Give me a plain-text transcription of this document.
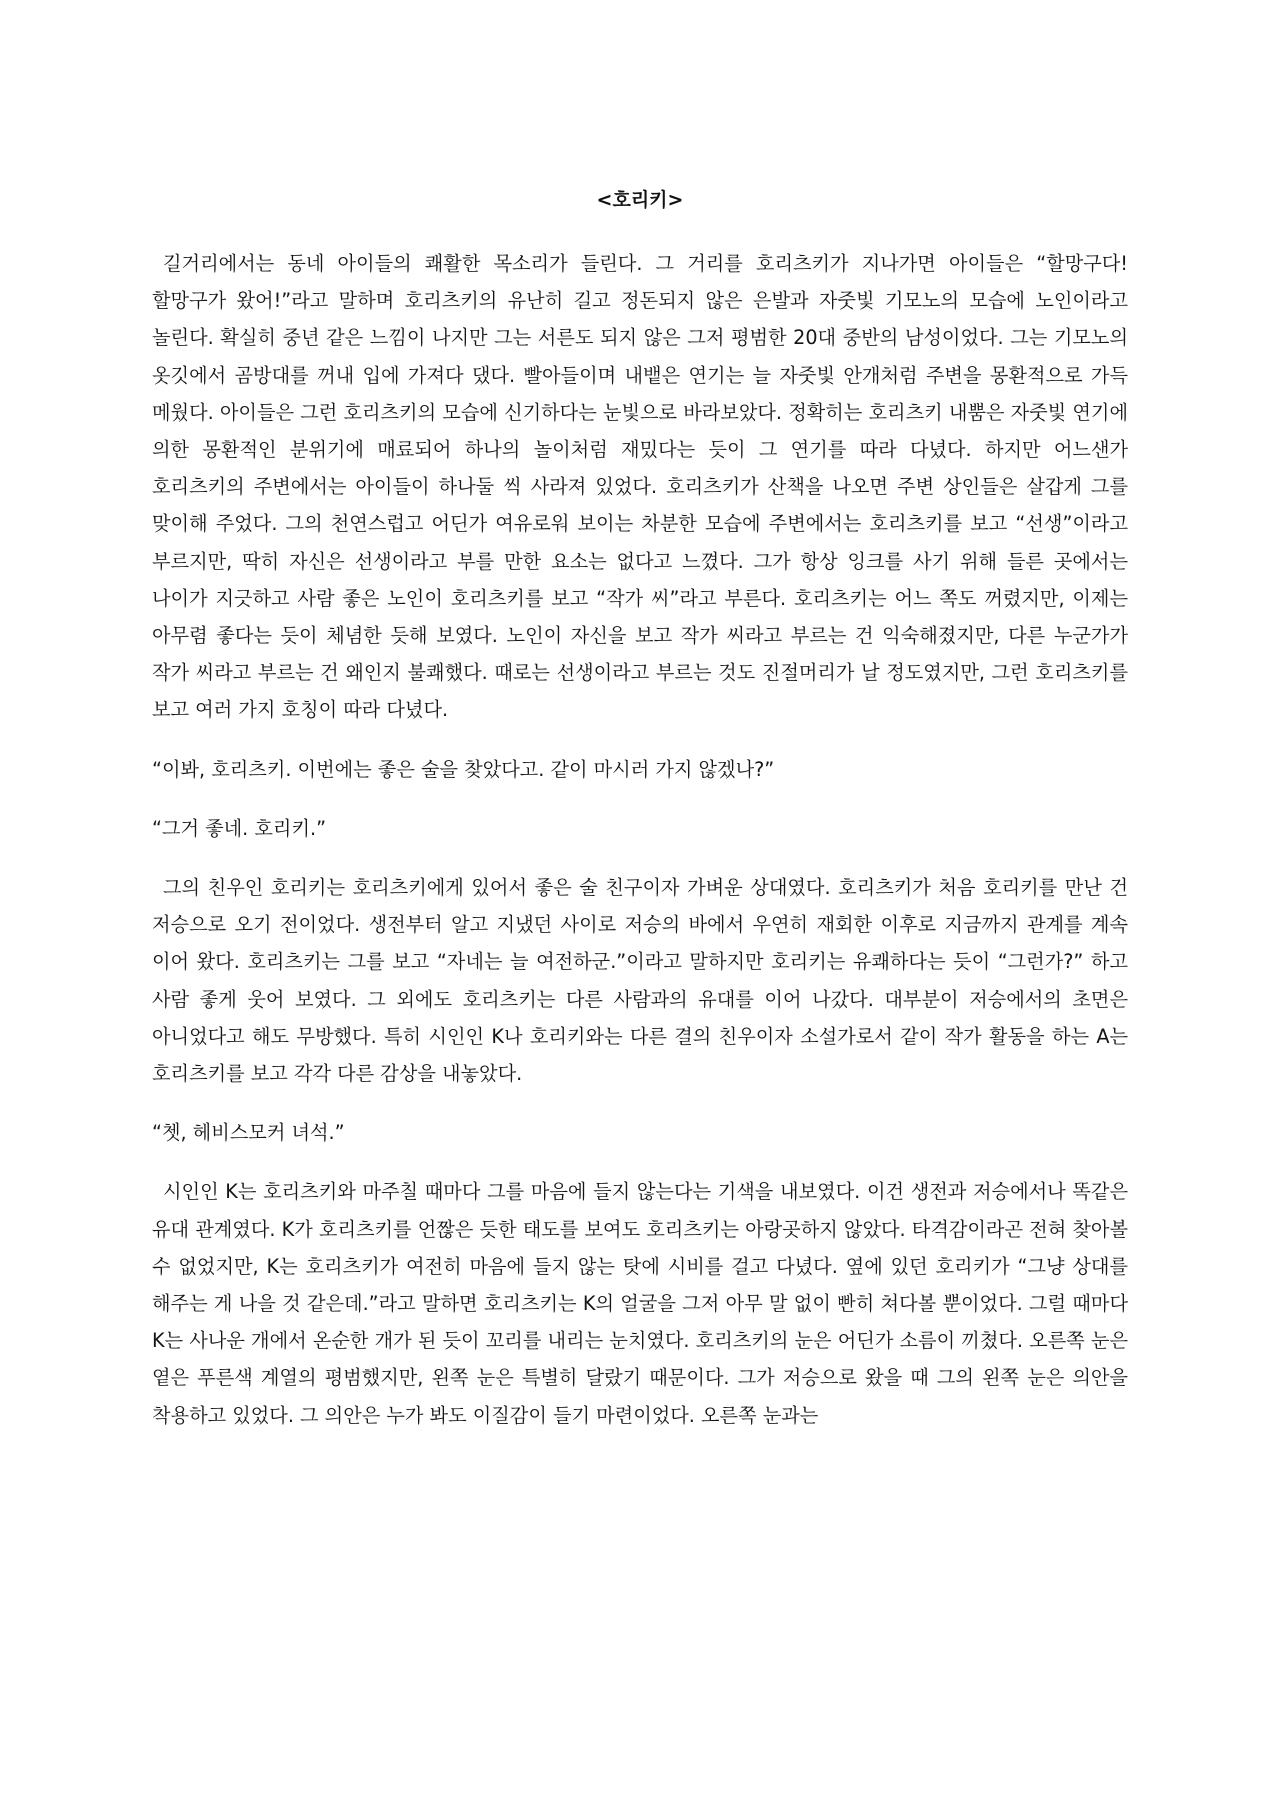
<호리키>

길거리에서는 동네 아이들의 쾌활한 목소리가 들린다. 그 거리를 호리츠키가 지나가면 아이들은 “할망구다! 할망구가 왔어!”라고 말하며 호리츠키의 유난히 길고 정돈되지 않은 은발과 자줏빛 기모노의 모습에 노인이라고 놀린다. 확실히 중년 같은 느낌이 나지만 그는 서른도 되지 않은 그저 평범한 20대 중반의 남성이었다. 그는 기모노의 옷깃에서 곰방대를 꺼내 입에 가져다 댔다. 빨아들이며 내뱉은 연기는 늘 자줏빛 안개처럼 주변을 몽환적으로 가득 메웠다. 아이들은 그런 호리츠키의 모습에 신기하다는 눈빛으로 바라보았다. 정확히는 호리츠키 내뿜은 자줏빛 연기에 의한 몽환적인 분위기에 매료되어 하나의 놀이처럼 재밌다는 듯이 그 연기를 따라 다녔다. 하지만 어느샌가 호리츠키의 주변에서는 아이들이 하나둘 씩 사라져 있었다. 호리츠키가 산책을 나오면 주변 상인들은 살갑게 그를 맞이해 주었다. 그의 천연스럽고 어딘가 여유로워 보이는 차분한 모습에 주변에서는 호리츠키를 보고 “선생”이라고 부르지만, 딱히 자신은 선생이라고 부를 만한 요소는 없다고 느꼈다. 그가 항상 잉크를 사기 위해 들른 곳에서는 나이가 지긋하고 사람 좋은 노인이 호리츠키를 보고 “작가 씨”라고 부른다. 호리츠키는 어느 쪽도 꺼렸지만, 이제는 아무렴 좋다는 듯이 체념한 듯해 보였다. 노인이 자신을 보고 작가 씨라고 부르는 건 익숙해졌지만, 다른 누군가가 작가 씨라고 부르는 건 왜인지 불쾌했다. 때로는 선생이라고 부르는 것도 진절머리가 날 정도였지만, 그런 호리츠키를 보고 여러 가지 호칭이 따라 다녔다.

“이봐, 호리츠키. 이번에는 좋은 술을 찾았다고. 같이 마시러 가지 않겠나?”

“그거 좋네. 호리키.”

그의 친우인 호리키는 호리츠키에게 있어서 좋은 술 친구이자 가벼운 상대였다. 호리츠키가 처음 호리키를 만난 건 저승으로 오기 전이었다. 생전부터 알고 지냈던 사이로 저승의 바에서 우연히 재회한 이후로 지금까지 관계를 계속 이어 왔다. 호리츠키는 그를 보고 “자네는 늘 여전하군.”이라고 말하지만 호리키는 유쾌하다는 듯이 “그런가?” 하고 사람 좋게 웃어 보였다. 그 외에도 호리츠키는 다른 사람과의 유대를 이어 나갔다. 대부분이 저승에서의 초면은 아니었다고 해도 무방했다. 특히 시인인 K나 호리키와는 다른 결의 친우이자 소설가로서 같이 작가 활동을 하는 A는 호리츠키를 보고 각각 다른 감상을 내놓았다.

“쳇, 헤비스모커 녀석.”

시인인 K는 호리츠키와 마주칠 때마다 그를 마음에 들지 않는다는 기색을 내보였다. 이건 생전과 저승에서나 똑같은 유대 관계였다. K가 호리츠키를 언짢은 듯한 태도를 보여도 호리츠키는 아랑곳하지 않았다. 타격감이라곤 전혀 찾아볼 수 없었지만, K는 호리츠키가 여전히 마음에 들지 않는 탓에 시비를 걸고 다녔다. 옆에 있던 호리키가 “그냥 상대를 해주는 게 나을 것 같은데.”라고 말하면 호리츠키는 K의 얼굴을 그저 아무 말 없이 빤히 쳐다볼 뿐이었다. 그럴 때마다 K는 사나운 개에서 온순한 개가 된 듯이 꼬리를 내리는 눈치였다. 호리츠키의 눈은 어딘가 소름이 끼쳤다. 오른쪽 눈은 옅은 푸른색 계열의 평범했지만, 왼쪽 눈은 특별히 달랐기 때문이다. 그가 저승으로 왔을 때 그의 왼쪽 눈은 의안을 착용하고 있었다. 그 의안은 누가 봐도 이질감이 들기 마련이었다. 오른쪽 눈과는
